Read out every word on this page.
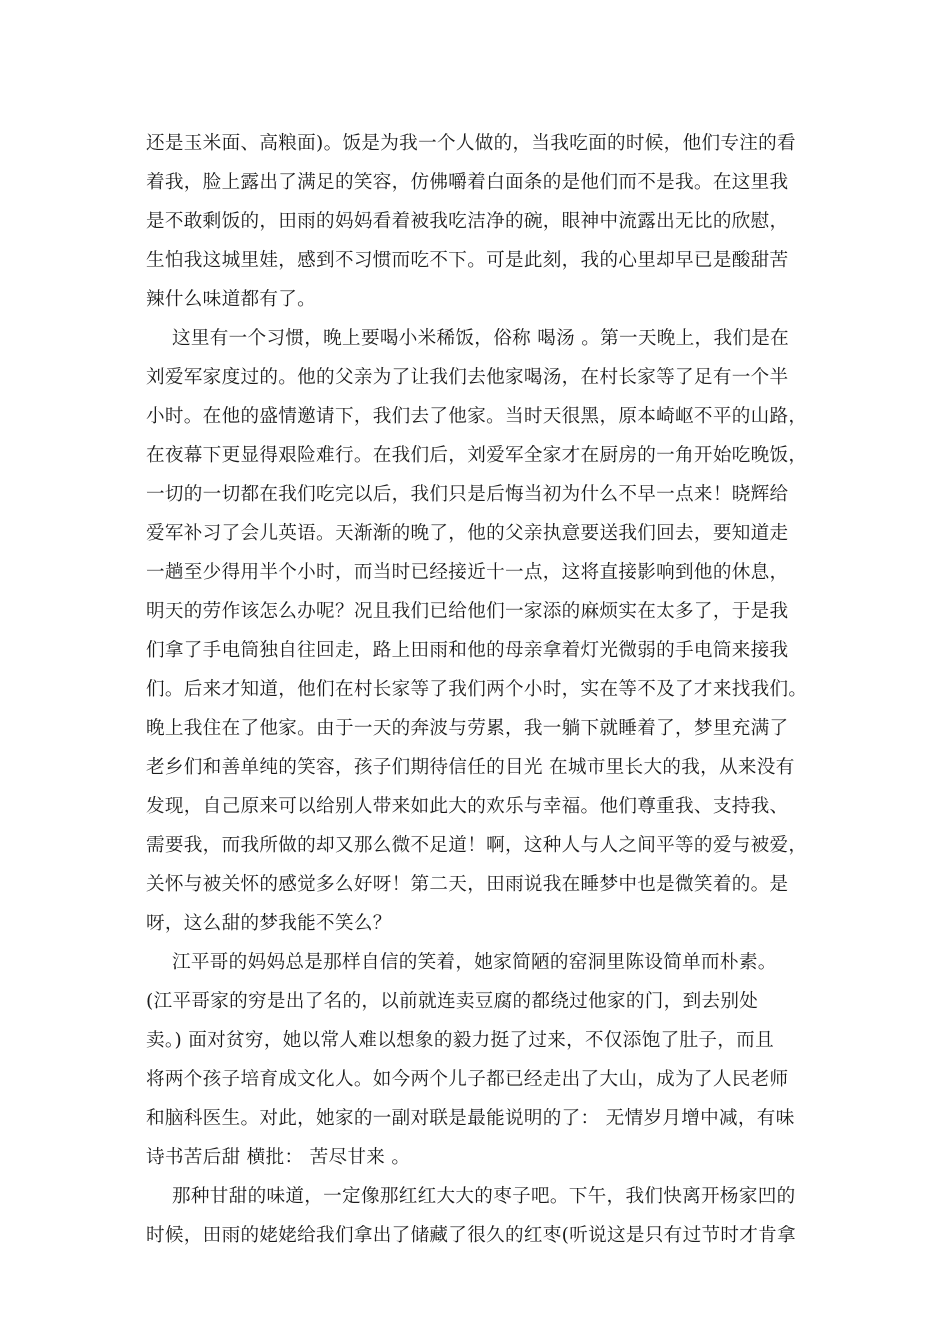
还是玉米面、高粮面)。饭是为我一个人做的，当我吃面的时候，他们专注的看
着我，脸上露出了满足的笑容，仿佛嚼着白面条的是他们而不是我。在这里我
是不敢剩饭的，田雨的妈妈看着被我吃洁净的碗，眼神中流露出无比的欣慰，
生怕我这城里娃，感到不习惯而吃不下。可是此刻，我的心里却早已是酸甜苦
辣什么味道都有了。
这里有一个习惯，晚上要喝小米稀饭，俗称 喝汤 。第一天晚上，我们是在
刘爱军家度过的。他的父亲为了让我们去他家喝汤，在村长家等了足有一个半
小时。在他的盛情邀请下，我们去了他家。当时天很黑，原本崎岖不平的山路，
在夜幕下更显得艰险难行。在我们后，刘爱军全家才在厨房的一角开始吃晚饭，
一切的一切都在我们吃完以后，我们只是后悔当初为什么不早一点来！晓辉给
爱军补习了会儿英语。天渐渐的晚了，他的父亲执意要送我们回去，要知道走
一趟至少得用半个小时，而当时已经接近十一点，这将直接影响到他的休息，
明天的劳作该怎么办呢？况且我们已给他们一家添的麻烦实在太多了，于是我
们拿了手电筒独自往回走，路上田雨和他的母亲拿着灯光微弱的手电筒来接我
们。后来才知道，他们在村长家等了我们两个小时，实在等不及了才来找我们。
晚上我住在了他家。由于一天的奔波与劳累，我一躺下就睡着了，梦里充满了
老乡们和善单纯的笑容，孩子们期待信任的目光 在城市里长大的我，从来没有
发现，自己原来可以给别人带来如此大的欢乐与幸福。他们尊重我、支持我、
需要我，而我所做的却又那么微不足道！啊，这种人与人之间平等的爱与被爱，
关怀与被关怀的感觉多么好呀！第二天，田雨说我在睡梦中也是微笑着的。是
呀，这么甜的梦我能不笑么？
江平哥的妈妈总是那样自信的笑着，她家简陋的窑洞里陈设简单而朴素。
(江平哥家的穷是出了名的，以前就连卖豆腐的都绕过他家的门，到去别处
卖。) 面对贫穷，她以常人难以想象的毅力挺了过来，不仅添饱了肚子，而且
将两个孩子培育成文化人。如今两个儿子都已经走出了大山，成为了人民老师
和脑科医生。对此，她家的一副对联是最能说明的了： 无情岁月增中减，有味
诗书苦后甜 横批： 苦尽甘来 。
那种甘甜的味道，一定像那红红大大的枣子吧。下午，我们快离开杨家凹的
时候，田雨的姥姥给我们拿出了储藏了很久的红枣(听说这是只有过节时才肯拿
